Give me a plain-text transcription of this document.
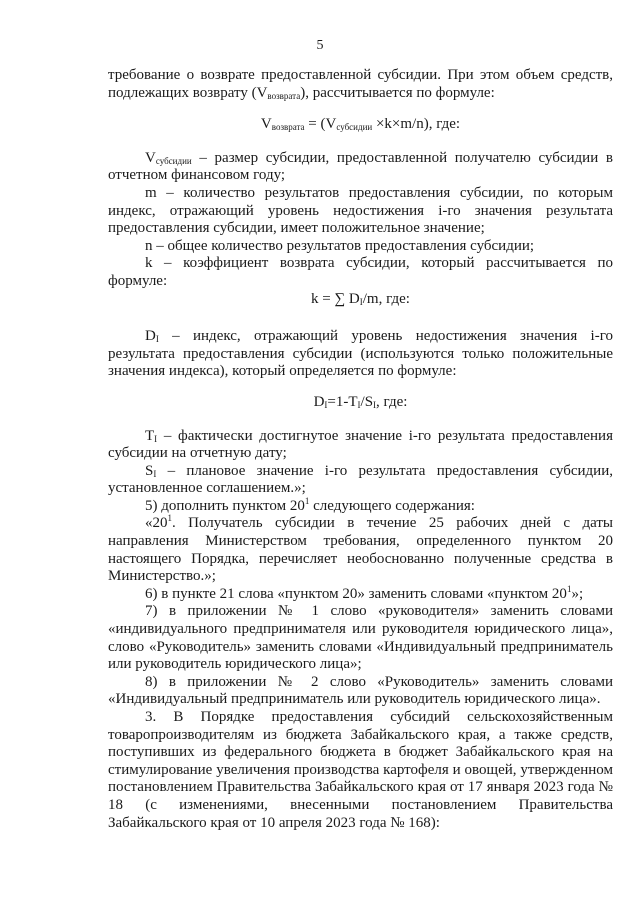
5

требование о возврате предоставленной субсидии. При этом объем средств, подлежащих возврату $(V_{возврата})$, рассчитывается по формуле:

$V_{возврата} = (V_{субсидии} \times k\times m/n)$, где:

$V_{субсидии}$ – размер субсидии, предоставленной получателю субсидии в отчетном финансовом году;

m – количество результатов предоставления субсидии, по которым индекс, отражающий уровень недостижения i-го значения результата предоставления субсидии, имеет положительное значение;

n – общее количество результатов предоставления субсидии;

k – коэффициент возврата субсидии, который рассчитывается по формуле:

k = ∑ $D_I/m$, где:

$D_I$ – индекс, отражающий уровень недостижения значения i-го результата предоставления субсидии (используются только положительные значения индекса), который определяется по формуле:

$D_I=1-T_I/S_I$, где:

$T_I$ – фактически достигнутое значение i-го результата предоставления субсидии на отчетную дату;

$S_I$ – плановое значение i-го результата предоставления субсидии, установленное соглашением.»;

5) дополнить пунктом $20^1$ следующего содержания:

«$20^1$. Получатель субсидии в течение 25 рабочих дней с даты направления Министерством требования, определенного пунктом 20 настоящего Порядка, перечисляет необоснованно полученные средства в Министерство.»;

6) в пункте 21 слова «пунктом 20» заменить словами «пунктом $20^1$»;

7) в приложении № 1 слово «руководителя» заменить словами «индивидуального предпринимателя или руководителя юридического лица», слово «Руководитель» заменить словами «Индивидуальный предприниматель или руководитель юридического лица»;

8) в приложении № 2 слово «Руководитель» заменить словами «Индивидуальный предприниматель или руководитель юридического лица».

3. В Порядке предоставления субсидий сельскохозяйственным товаропроизводителям из бюджета Забайкальского края, а также средств, поступивших из федерального бюджета в бюджет Забайкальского края на стимулирование увеличения производства картофеля и овощей, утвержденном постановлением Правительства Забайкальского края от 17 января 2023 года № 18 (с изменениями, внесенными постановлением Правительства Забайкальского края от 10 апреля 2023 года № 168):
